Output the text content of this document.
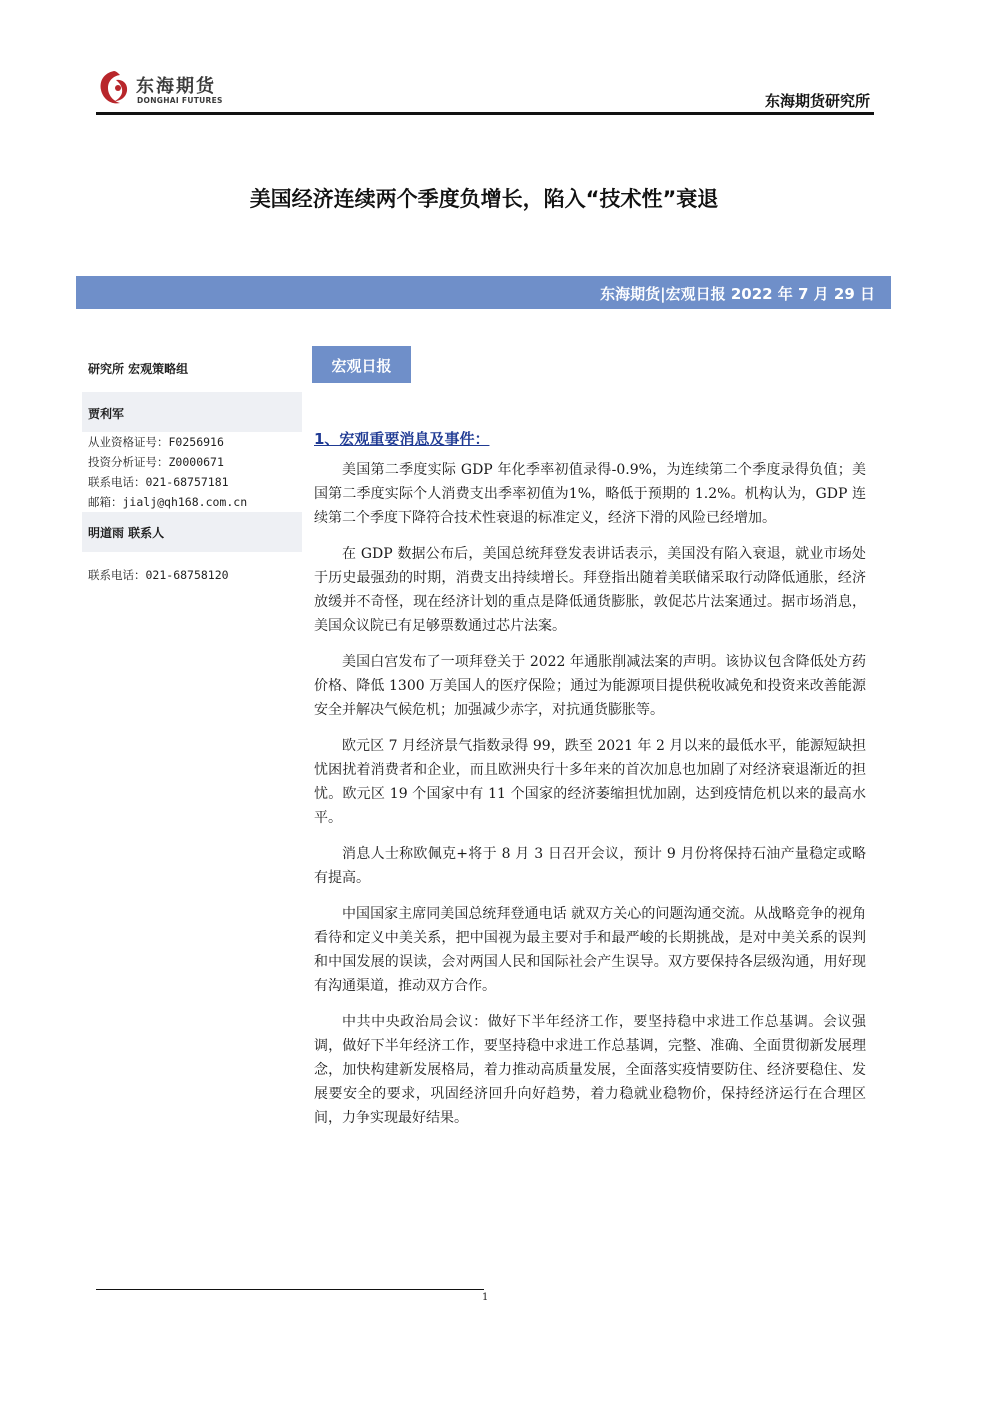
东海期货
DONGHAI FUTURES	东海期货研究所
美国经济连续两个季度负增长，陷入“技术性”衰退
东海期货|宏观日报 2022 年 7 月 29 日
研究所 宏观策略组
贾利军
从业资格证号：F0256916
投资分析证号：Z0000671
联系电话：021-68757181
邮箱：jialj@qh168.com.cn
明道雨 联系人
联系电话：021-68758120
宏观日报
1、宏观重要消息及事件：

美国第二季度实际 GDP 年化季率初值录得-0.9%，为连续第二个季度录得负值；美国第二季度实际个人消费支出季率初值为1%，略低于预期的 1.2%。机构认为，GDP 连续第二个季度下降符合技术性衰退的标准定义，经济下滑的风险已经增加。

在 GDP 数据公布后，美国总统拜登发表讲话表示，美国没有陷入衰退，就业市场处于历史最强劲的时期，消费支出持续增长。拜登指出随着美联储采取行动降低通胀，经济放缓并不奇怪，现在经济计划的重点是降低通货膨胀，敦促芯片法案通过。据市场消息，美国众议院已有足够票数通过芯片法案。

美国白宫发布了一项拜登关于 2022 年通胀削减法案的声明。该协议包含降低处方药价格、降低 1300 万美国人的医疗保险；通过为能源项目提供税收减免和投资来改善能源安全并解决气候危机；加强减少赤字，对抗通货膨胀等。

欧元区 7 月经济景气指数录得 99，跌至 2021 年 2 月以来的最低水平，能源短缺担忧困扰着消费者和企业，而且欧洲央行十多年来的首次加息也加剧了对经济衰退渐近的担忧。欧元区 19 个国家中有 11 个国家的经济萎缩担忧加剧，达到疫情危机以来的最高水平。

消息人士称欧佩克+将于 8 月 3 日召开会议，预计 9 月份将保持石油产量稳定或略有提高。

中国国家主席同美国总统拜登通电话 就双方关心的问题沟通交流。从战略竞争的视角看待和定义中美关系，把中国视为最主要对手和最严峻的长期挑战，是对中美关系的误判和中国发展的误读，会对两国人民和国际社会产生误导。双方要保持各层级沟通，用好现有沟通渠道，推动双方合作。

中共中央政治局会议：做好下半年经济工作，要坚持稳中求进工作总基调。会议强调，做好下半年经济工作，要坚持稳中求进工作总基调，完整、准确、全面贯彻新发展理念，加快构建新发展格局，着力推动高质量发展，全面落实疫情要防住、经济要稳住、发展要安全的要求，巩固经济回升向好趋势，着力稳就业稳物价，保持经济运行在合理区间，力争实现最好结果。

1
